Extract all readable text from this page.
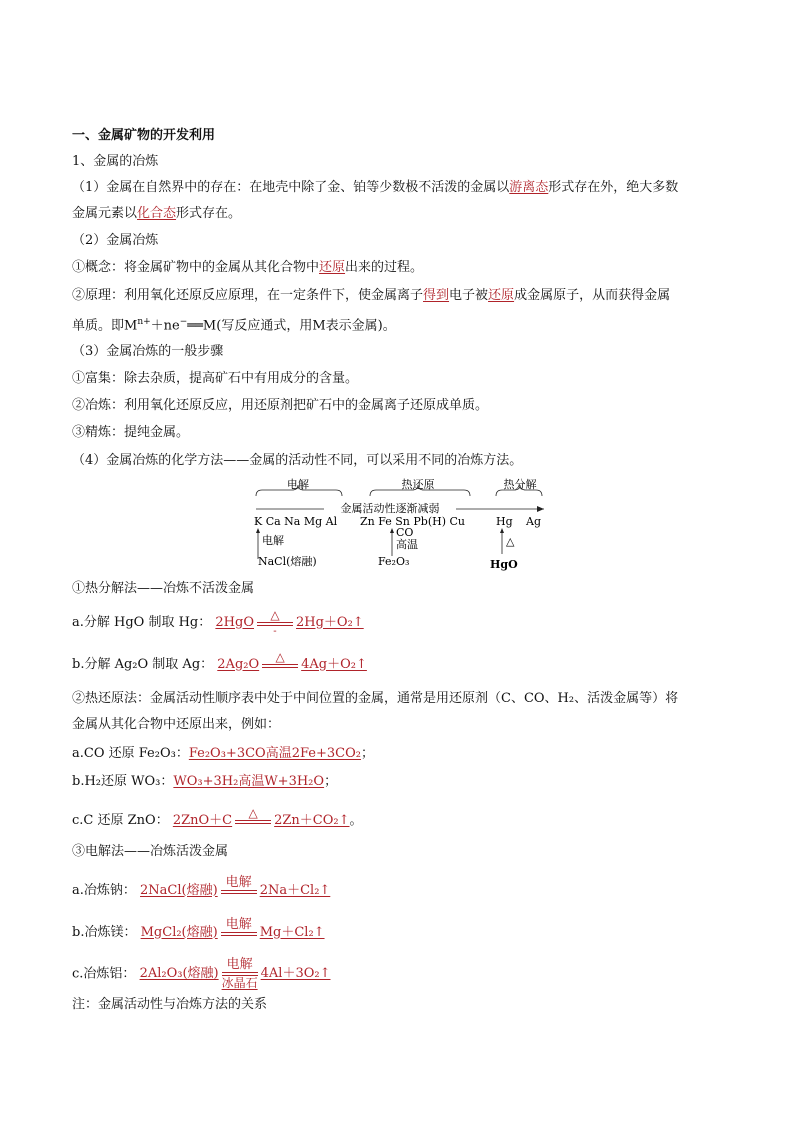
一、金属矿物的开发利用
1、金属的冶炼
（1）金属在自然界中的存在：在地壳中除了金、铂等少数极不活泼的金属以游离态形式存在外，绝大多数
金属元素以化合态形式存在。
（2）金属冶炼
①概念：将金属矿物中的金属从其化合物中还原出来的过程。
②原理：利用氧化还原反应原理，在一定条件下，使金属离子得到电子被还原成金属原子，从而获得金属
单质。即$M^{n+}+ne^-══M$(写反应通式，用M表示金属)。
（3）金属冶炼的一般步骤
①富集：除去杂质，提高矿石中有用成分的含量。
②冶炼：利用氧化还原反应，用还原剂把矿石中的金属离子还原成单质。
③精炼：提纯金属。
（4）金属冶炼的化学方法——金属的活动性不同，可以采用不同的冶炼方法。
电解	热还原	热分解
金属活动性逐渐减弱
K Ca Na Mg Al Zn Fe Sn Pb(H) Cu	Hg Ag
电解
NaCl(熔融)
CO
高温
Fe₂O₃
△
HgO
①热分解法——冶炼不活泼金属
a.分解 HgO 制取 Hg： 2HgO △
-
2Hg＋O₂↑
b.分解 Ag₂O 制取 Ag： 2Ag₂O △ 4Ag＋O₂↑
②热还原法：金属活动性顺序表中处于中间位置的金属，通常是用还原剂（C、CO、H₂、活泼金属等）将
金属从其化合物中还原出来，例如：
a.CO 还原 Fe₂O₃：Fe₂O₃+3CO高温2Fe+3CO₂；
b.H₂还原 WO₃：WO₃+3H₂高温W+3H₂O；
c.C 还原 ZnO： 2ZnO＋C △ 2Zn＋CO₂↑ 。
③电解法——冶炼活泼金属
a.冶炼钠： 2NaCl(熔融) 电解 2Na＋Cl₂↑
b.冶炼镁： MgCl₂(熔融) 电解 Mg＋Cl₂↑
c.冶炼铝： 2Al₂O₃(熔融)
电解
冰晶石
4Al＋3O₂↑
注：金属活动性与冶炼方法的关系
